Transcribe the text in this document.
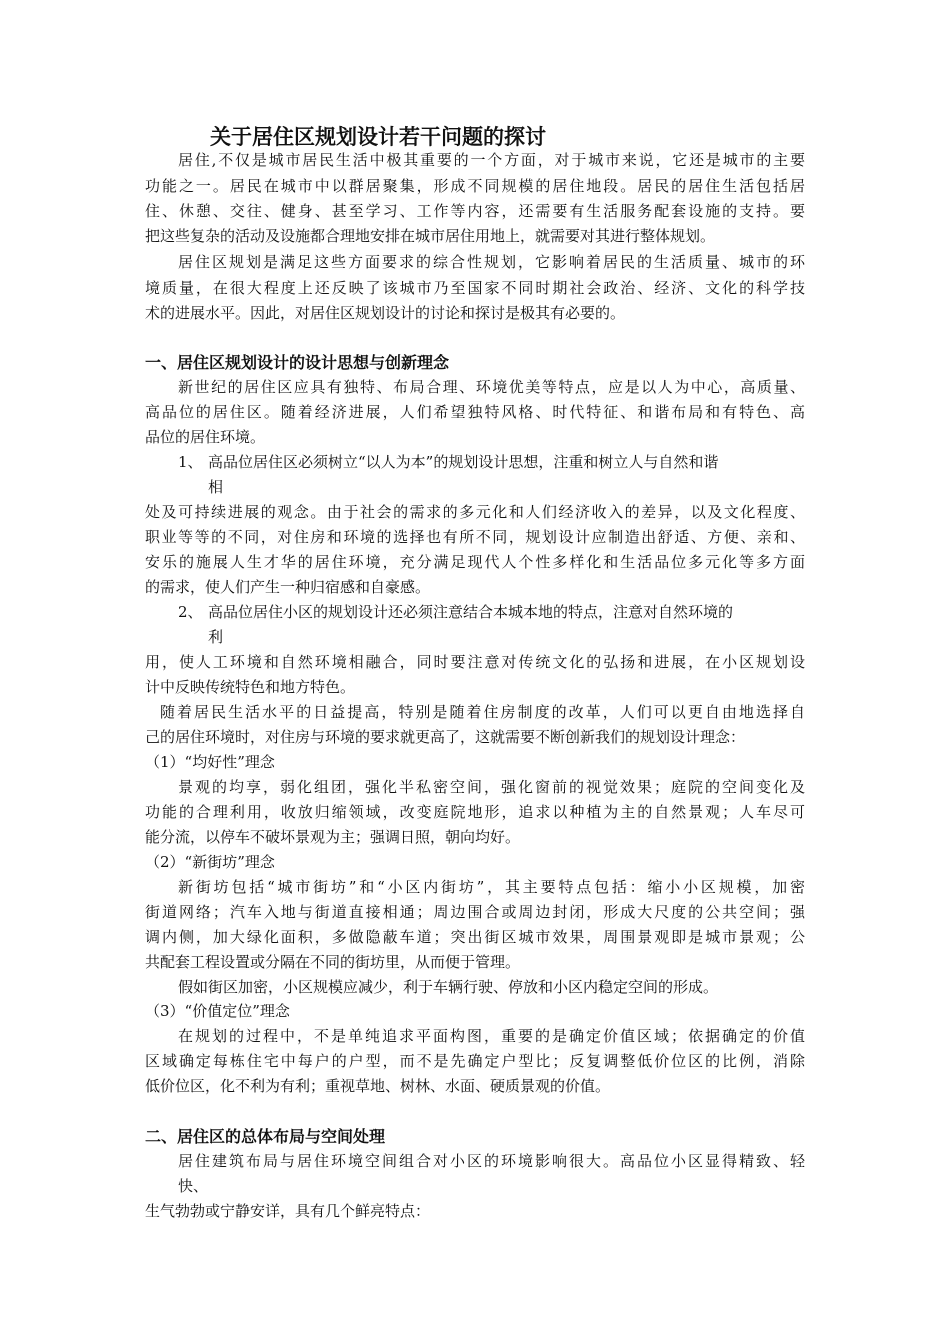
关于居住区规划设计若干问题的探讨
居住,不仅是城市居民生活中极其重要的一个方面，对于城市来说，它还是城市的主要
功能之一。居民在城市中以群居聚集，形成不同规模的居住地段。居民的居住生活包括居
住、休憩、交往、健身、甚至学习、工作等内容，还需要有生活服务配套设施的支持。要
把这些复杂的活动及设施都合理地安排在城市居住用地上，就需要对其进行整体规划。
居住区规划是满足这些方面要求的综合性规划，它影响着居民的生活质量、城市的环
境质量，在很大程度上还反映了该城市乃至国家不同时期社会政治、经济、文化的科学技
术的进展水平。因此，对居住区规划设计的讨论和探讨是极其有必要的。
一、居住区规划设计的设计思想与创新理念
新世纪的居住区应具有独特、布局合理、环境优美等特点，应是以人为中心，高质量、
高品位的居住区。随着经济进展，人们希望独特风格、时代特征、和谐布局和有特色、高
品位的居住环境。
1、 高品位居住区必须树立“以人为本”的规划设计思想，注重和树立人与自然和谐
相
处及可持续进展的观念。由于社会的需求的多元化和人们经济收入的差异，以及文化程度、
职业等等的不同，对住房和环境的选择也有所不同，规划设计应制造出舒适、方便、亲和、
安乐的施展人生才华的居住环境，充分满足现代人个性多样化和生活品位多元化等多方面
的需求，使人们产生一种归宿感和自豪感。
2、 高品位居住小区的规划设计还必须注意结合本城本地的特点，注意对自然环境的
利
用，使人工环境和自然环境相融合，同时要注意对传统文化的弘扬和进展，在小区规划设
计中反映传统特色和地方特色。
随着居民生活水平的日益提高，特别是随着住房制度的改革，人们可以更自由地选择自
己的居住环境时，对住房与环境的要求就更高了，这就需要不断创新我们的规划设计理念：
（1）“均好性”理念
景观的均享，弱化组团，强化半私密空间，强化窗前的视觉效果；庭院的空间变化及
功能的合理利用，收放归缩领域，改变庭院地形，追求以种植为主的自然景观；人车尽可
能分流，以停车不破坏景观为主；强调日照，朝向均好。
（2）“新街坊”理念
新街坊包括“城市街坊”和“小区内街坊”，其主要特点包括：缩小小区规模，加密
街道网络；汽车入地与街道直接相通；周边围合或周边封闭，形成大尺度的公共空间；强
调内侧，加大绿化面积，多做隐蔽车道；突出街区城市效果，周围景观即是城市景观；公
共配套工程设置或分隔在不同的街坊里，从而便于管理。
假如街区加密，小区规模应减少，利于车辆行驶、停放和小区内稳定空间的形成。
（3）“价值定位”理念
在规划的过程中，不是单纯追求平面构图，重要的是确定价值区域；依据确定的价值
区域确定每栋住宅中每户的户型，而不是先确定户型比；反复调整低价位区的比例，消除
低价位区，化不利为有利；重视草地、树林、水面、硬质景观的价值。
二、居住区的总体布局与空间处理
居住建筑布局与居住环境空间组合对小区的环境影响很大。高品位小区显得精致、轻
快、
生气勃勃或宁静安详，具有几个鲜亮特点：
